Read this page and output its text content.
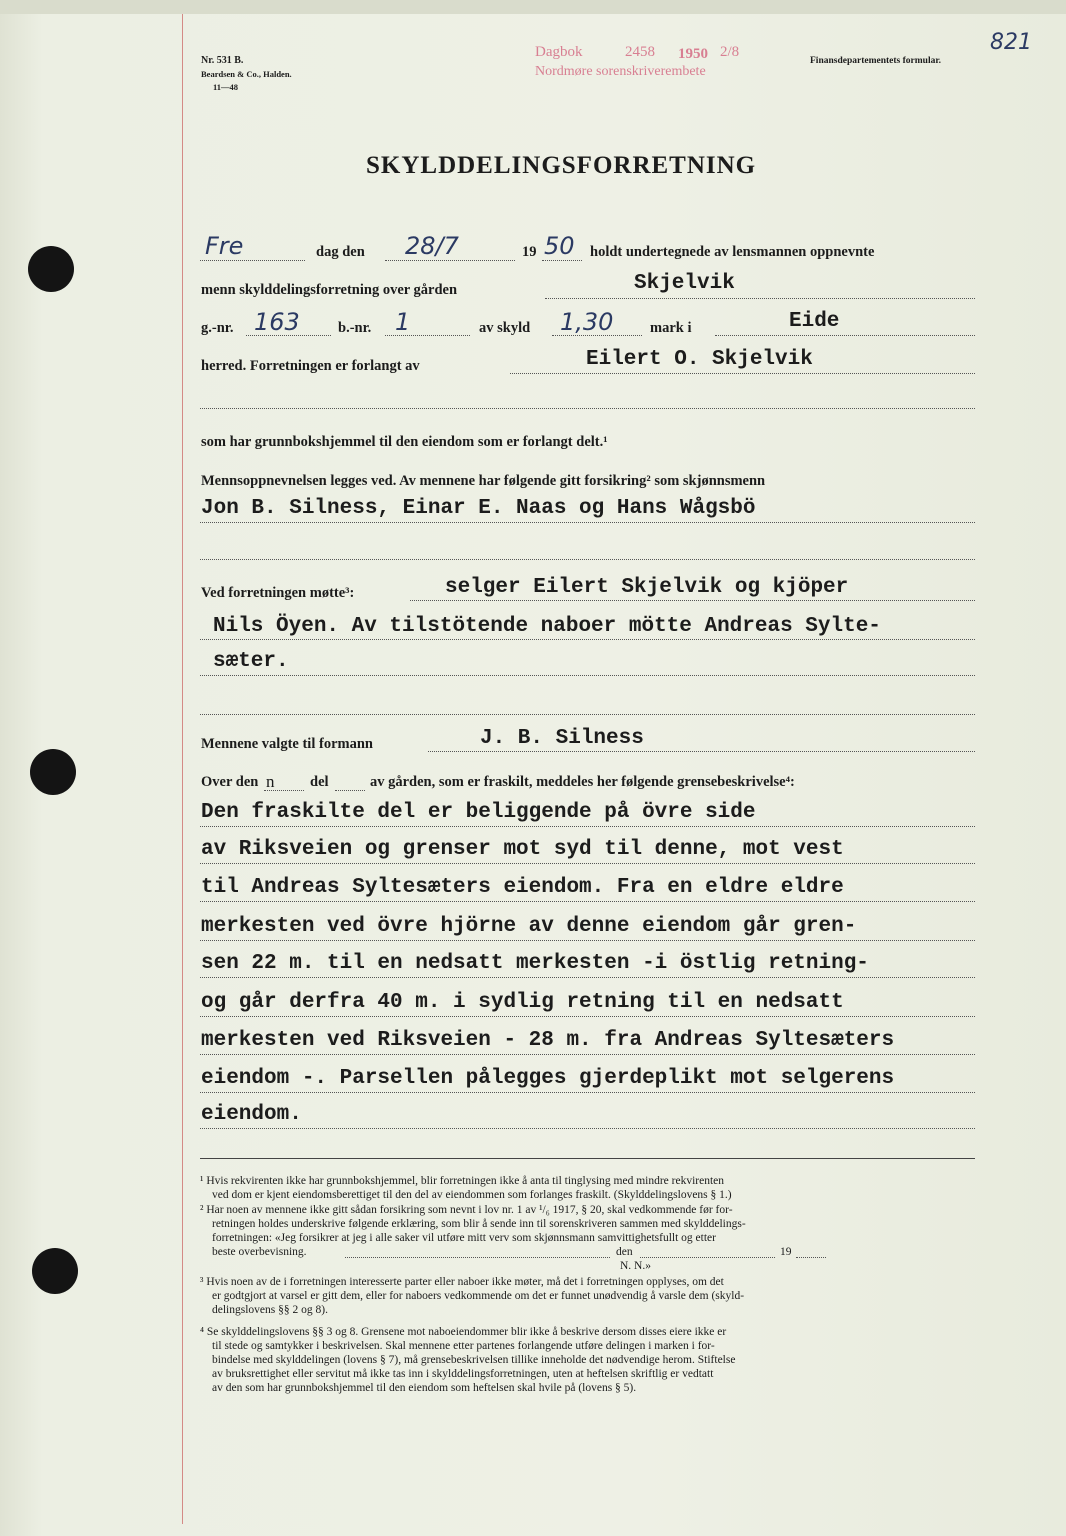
Nr. 531 B.
Beardsen & Co., Halden.
11—48
Finansdepartementets formular.
Dagbok	2458 1950 2/8
Nordmøre sorenskriverembete
821
SKYLDDELINGSFORRETNING
Fre	dag den 28/7	19 50 holdt undertegnede av lensmannen oppnevnte
menn skylddelingsforretning over gården	Skjelvik
g.-nr. 163	b.-nr. 1	av skyld 1,30	mark i	Eide
herred. Forretningen er forlangt av	Eilert O. Skjelvik
som har grunnbokshjemmel til den eiendom som er forlangt delt.¹
Mennsoppnevnelsen legges ved. Av mennene har følgende gitt forsikring² som skjønnsmenn
Jon B. Silness, Einar E. Naas og Hans Wågsbö
Ved forretningen møtte³:	selger Eilert Skjelvik og kjöper
Nils Öyen. Av tilstötende naboer mötte Andreas Sylte-
sæter.
Mennene valgte til formann	J. B. Silness
Over den n del	av gården, som er fraskilt, meddeles her følgende grensebeskrivelse⁴:
Den fraskilte del er beliggende på övre side
av Riksveien og grenser mot syd til denne, mot vest
til Andreas Syltesæters eiendom. Fra en eldre eldre
merkesten ved övre hjörne av denne eiendom går gren-
sen 22 m. til en nedsatt merkesten -i östlig retning-
og går derfra 40 m. i sydlig retning til en nedsatt
merkesten ved Riksveien - 28 m. fra Andreas Syltesæters
eiendom -. Parsellen pålegges gjerdeplikt mot selgerens
eiendom.
¹ Hvis rekvirenten ikke har grunnbokshjemmel, blir forretningen ikke å anta til tinglysing med mindre rekvirenten
ved dom er kjent eiendomsberettiget til den del av eiendommen som forlanges fraskilt. (Skylddelingslovens § 1.)
² Har noen av mennene ikke gitt sådan forsikring som nevnt i lov nr. 1 av ¹/₆ 1917, § 20, skal vedkommende før for-
retningen holdes underskrive følgende erklæring, som blir å sende inn til sorenskriveren sammen med skylddelings-
forretningen: «Jeg forsikrer at jeg i alle saker vil utføre mitt verv som skjønnsmann samvittighetsfullt og etter
beste overbevisning.	den	19
N. N.»
³ Hvis noen av de i forretningen interesserte parter eller naboer ikke møter, må det i forretningen opplyses, om det
er godtgjort at varsel er gitt dem, eller for naboers vedkommende om det er funnet unødvendig å varsle dem (skyld-
delingslovens §§ 2 og 8).
⁴ Se skylddelingslovens §§ 3 og 8. Grensene mot naboeiendommer blir ikke å beskrive dersom disses eiere ikke er
til stede og samtykker i beskrivelsen. Skal mennene etter partenes forlangende utføre delingen i marken i for-
bindelse med skylddelingen (lovens § 7), må grensebeskrivelsen tillike inneholde det nødvendige herom. Stiftelse
av bruksrettighet eller servitut må ikke tas inn i skylddelingsforretningen, uten at heftelsen skriftlig er vedtatt
av den som har grunnbokshjemmel til den eiendom som heftelsen skal hvile på (lovens § 5).
